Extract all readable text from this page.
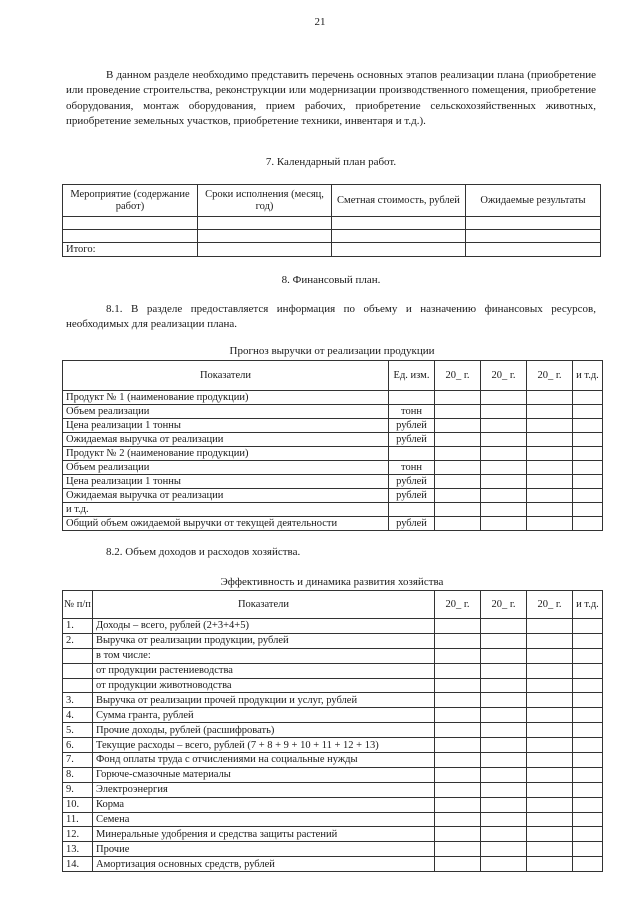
21

В данном разделе необходимо представить перечень основных этапов реализации плана (приобретение или проведение строительства, реконструкции или модернизации производственного помещения, приобретение оборудования, монтаж оборудования, прием рабочих, приобретение сельскохозяйственных животных, приобретение земельных участков, приобретение техники, инвентаря и т.д.).

7. Календарный план работ.
Мероприятие (содержание работ)	Сроки исполнения (месяц, год)	Сметная стоимость, рублей	Ожидаемые результаты

Итого:			
8. Финансовый план.

8.1. В разделе предоставляется информация по объему и назначению финансовых ресурсов, необходимых для реализации плана.

Прогноз выручки от реализации продукции
Показатели	Ед. изм.	20_ г.	20_ г.	20_ г.	и т.д.
Продукт № 1 (наименование продукции)					
Объем реализации	тонн				
Цена реализации 1 тонны	рублей				
Ожидаемая выручка от реализации	рублей				
Продукт № 2 (наименование продукции)					
Объем реализации	тонн				
Цена реализации 1 тонны	рублей				
Ожидаемая выручка от реализации	рублей				
и т.д.					
Общий объем ожидаемой выручки от текущей деятельности	рублей				
8.2. Объем доходов и расходов хозяйства.
Эффективность и динамика развития хозяйства
№ п/п	Показатели	20_ г.	20_ г.	20_ г.	и т.д.
1.	Доходы – всего, рублей (2+3+4+5)				
2.	Выручка от реализации продукции, рублей				
	в том числе:				
	от продукции растениеводства				
	от продукции животноводства				
3.	Выручка от реализации прочей продукции и услуг, рублей				
4.	Сумма гранта, рублей				
5.	Прочие доходы, рублей (расшифровать)				
6.	Текущие расходы – всего, рублей (7 + 8 + 9 + 10 + 11 + 12 + 13)				
7.	Фонд оплаты труда с отчислениями на социальные нужды				
8.	Горюче-смазочные материалы				
9.	Электроэнергия				
10.	Корма				
11.	Семена				
12.	Минеральные удобрения и средства защиты растений				
13.	Прочие				
14.	Амортизация основных средств, рублей				
